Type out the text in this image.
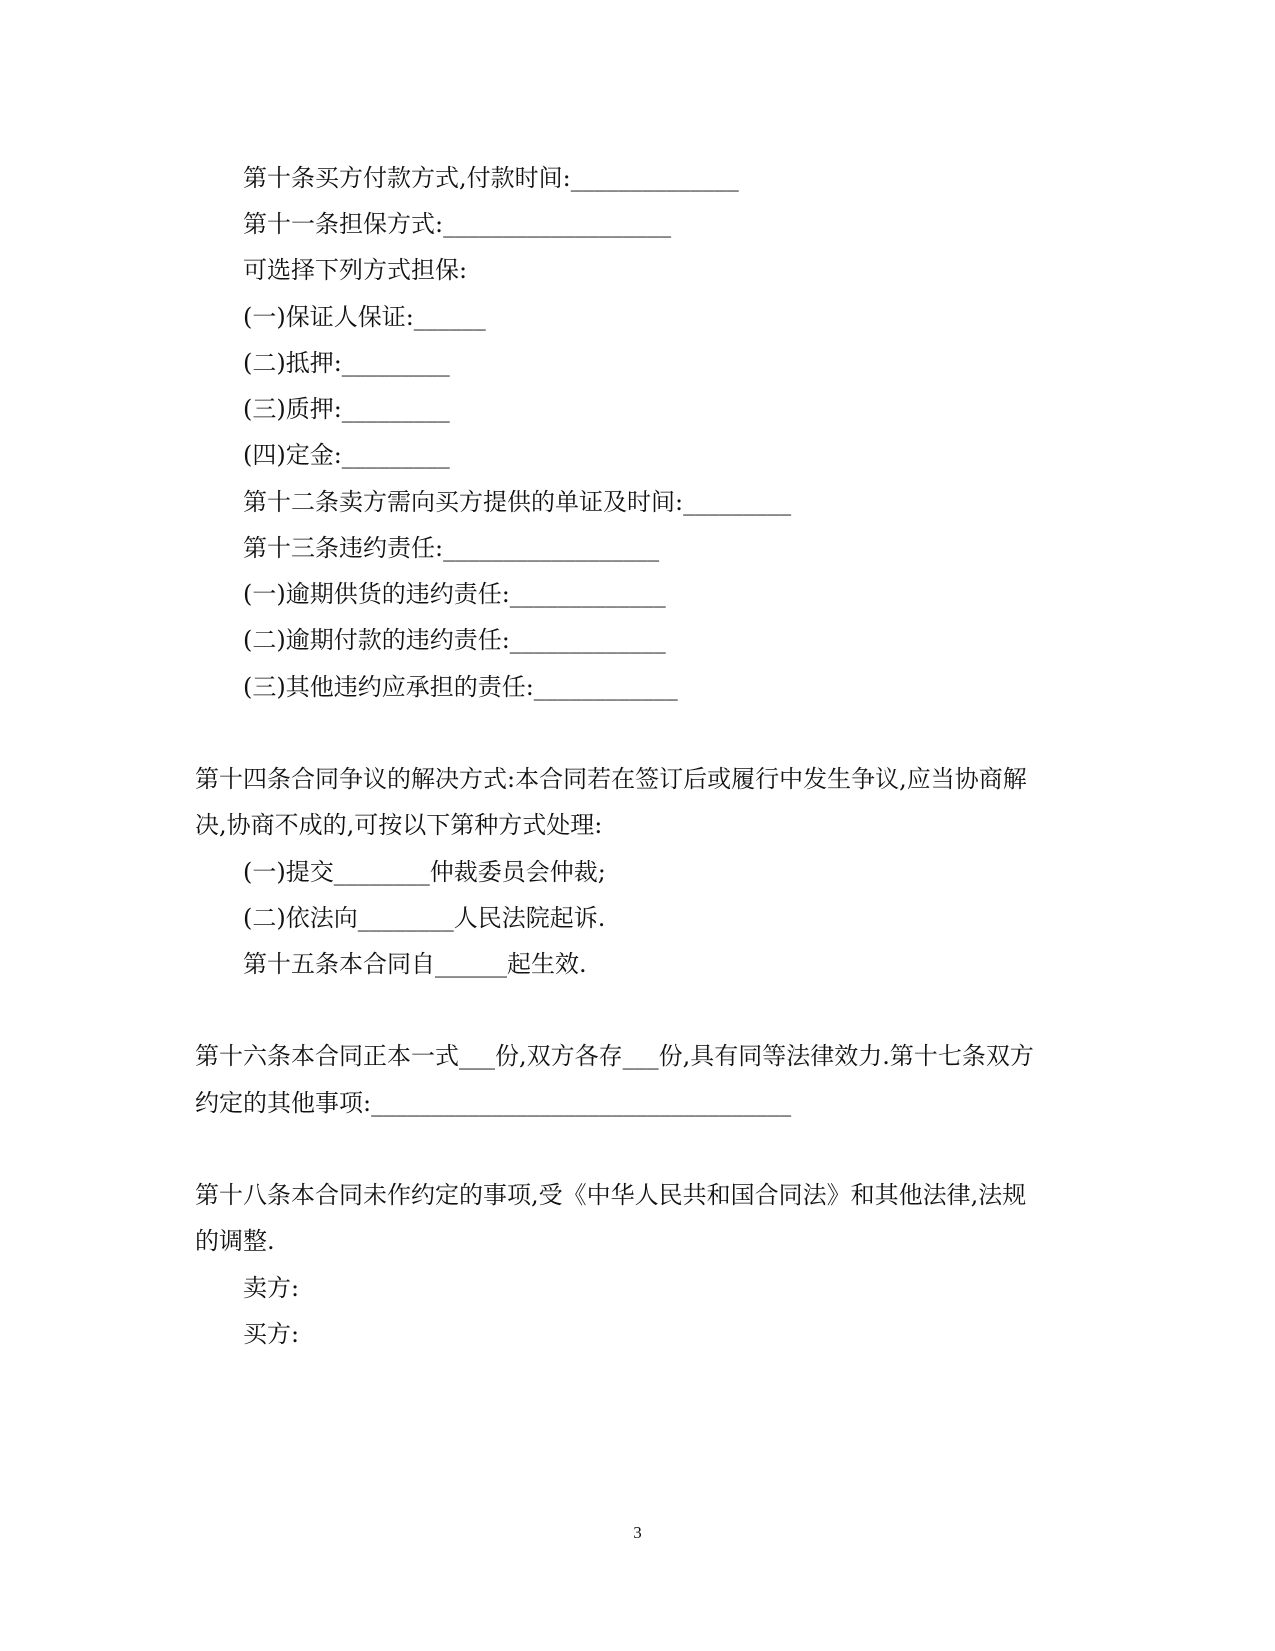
第十条买方付款方式,付款时间:______________
第十一条担保方式:___________________
可选择下列方式担保:
(一)保证人保证:______
(二)抵押:_________
(三)质押:_________
(四)定金:_________
第十二条卖方需向买方提供的单证及时间:_________
第十三条违约责任:__________________
(一)逾期供货的违约责任:_____________
(二)逾期付款的违约责任:_____________
(三)其他违约应承担的责任:____________
第十四条合同争议的解决方式:本合同若在签订后或履行中发生争议,应当协商解
决,协商不成的,可按以下第种方式处理:
(一)提交________仲裁委员会仲裁;
(二)依法向________人民法院起诉.
第十五条本合同自______起生效.
第十六条本合同正本一式___份,双方各存___份,具有同等法律效力.第十七条双方
约定的其他事项:___________________________________
第十八条本合同未作约定的事项,受《中华人民共和国合同法》和其他法律,法规
的调整.
卖方:
买方:
3
